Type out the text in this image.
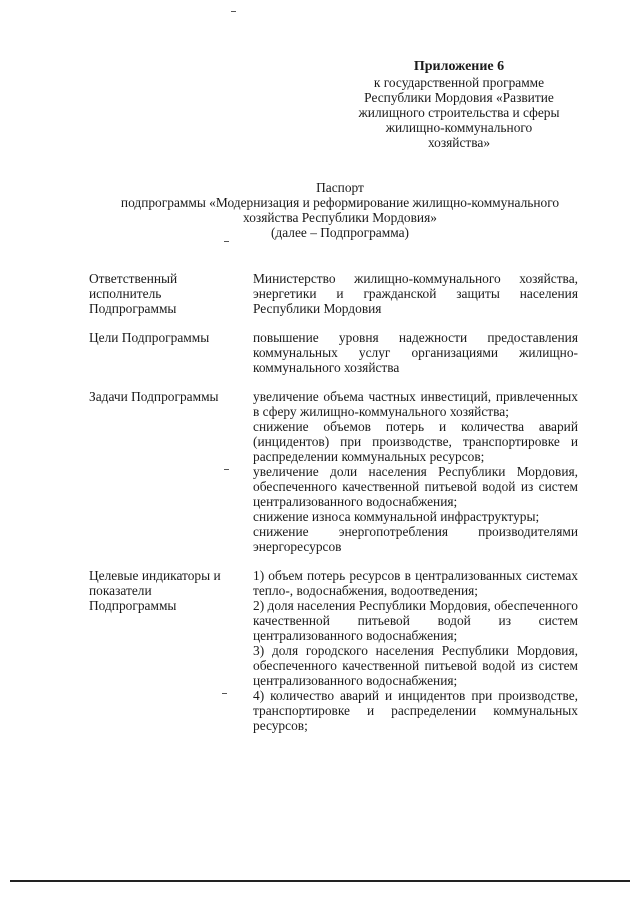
Приложение 6
к государственной программе
Республики Мордовия «Развитие
жилищного строительства и сферы
жилищно-коммунального
хозяйства»
Паспорт
подпрограммы «Модернизация и реформирование жилищно-коммунального
хозяйства Республики Мордовия»
(далее – Подпрограмма)
Ответственный
исполнитель
Подпрограммы
Министерство жилищно-коммунального хозяйства, энергетики и гражданской защиты населения Республики Мордовия
Цели Подпрограммы	повышение уровня надежности предоставления коммунальных услуг организациями жилищно-коммунального хозяйства
Задачи Подпрограммы	увеличение объема частных инвестиций, привлеченных в сферу жилищно-коммунального хозяйства;
снижение объемов потерь и количества аварий (инцидентов) при производстве, транспортировке и распределении коммунальных ресурсов;
увеличение доли населения Республики Мордовия, обеспеченного качественной питьевой водой из систем централизованного водоснабжения;
снижение износа коммунальной инфраструктуры;
снижение энергопотребления производителями энергоресурсов
Целевые индикаторы и
показатели
Подпрограммы
1) объем потерь ресурсов в централизованных системах тепло-, водоснабжения, водоотведения;
2) доля населения Республики Мордовия, обеспеченного качественной питьевой водой из систем централизованного водоснабжения;
3) доля городского населения Республики Мордовия, обеспеченного качественной питьевой водой из систем централизованного водоснабжения;
4) количество аварий и инцидентов при производстве, транспортировке и распределении коммунальных ресурсов;
